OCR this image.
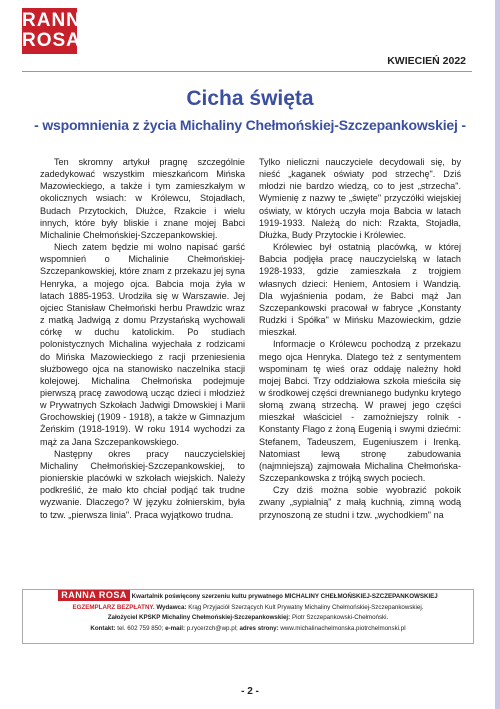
RANNA
ROSA
KWIECIEŃ 2022
Cicha święta
- wspomnienia z życia Michaliny Chełmońskiej-Szczepankowskiej -

Ten skromny artykuł pragnę szczególnie zadedykować wszystkim mieszkańcom Mińska Mazowieckiego, a także i tym zamieszkałym w okolicznych wsiach: w Królewcu, Stojadłach, Budach Przytockich, Dłużce, Rzakcie i wielu innych, które były bliskie i znane mojej Babci Michalinie Chełmońskiej-Szczepankowskiej.

Niech zatem będzie mi wolno napisać garść wspomnień o Michalinie Chełmońskiej-Szczepankowskiej, które znam z przekazu jej syna Henryka, a mojego ojca. Babcia moja żyła w latach 1885-1953. Urodziła się w Warszawie. Jej ojciec Stanisław Chełmoński herbu Prawdzic wraz z matką Jadwigą z domu Przystańską wychowali córkę w duchu katolickim. Po studiach polonistycznych Michalina wyjechała z rodzicami do Mińska Mazowieckiego z racji przeniesienia służbowego ojca na stanowisko naczelnika stacji kolejowej. Michalina Chełmońska podejmuje pierwszą pracę zawodową ucząc dzieci i młodzież w Prywatnych Szkołach Jadwigi Dmowskiej i Marii Grochowskiej (1909 - 1918), a także w Gimnazjum Żeńskim (1918-1919). W roku 1914 wychodzi za mąż za Jana Szczepankowskiego.

Następny okres pracy nauczycielskiej Michaliny Chełmońskiej-Szczepankowskiej, to pionierskie placówki w szkołach wiejskich. Należy podkreślić, że mało kto chciał podjąć tak trudne wyzwanie. Dlaczego? W języku żołnierskim, była to tzw. „pierwsza linia". Praca wyjątkowo trudna.

Tylko nieliczni nauczyciele decydowali się, by nieść „kaganek oświaty pod strzechę". Dziś młodzi nie bardzo wiedzą, co to jest „strzecha". Wymienię z nazwy te „święte" przyczółki wiejskiej oświaty, w których uczyła moja Babcia w latach 1919-1933. Należą do nich: Rzakta, Stojadła, Dłużka, Budy Przytockie i Królewiec.

Królewiec był ostatnią placówką, w której Babcia podjęła pracę nauczycielską w latach 1928-1933, gdzie zamieszkała z trojgiem własnych dzieci: Heniem, Antosiem i Wandzią. Dla wyjaśnienia podam, że Babci mąż Jan Szczepankowski pracował w fabryce „Konstanty Rudzki i Spółka" w Mińsku Mazowieckim, gdzie mieszkał.

Informacje o Królewcu pochodzą z przekazu mego ojca Henryka. Dlatego też z sentymentem wspominam tę wieś oraz oddaję należny hołd mojej Babci. Trzy oddziałowa szkoła mieściła się w środkowej części drewnianego budynku krytego słomą zwaną strzechą. W prawej jego części mieszkał właściciel - zamożniejszy rolnik - Konstanty Flago z żoną Eugenią i swymi dziećmi: Stefanem, Tadeuszem, Eugeniuszem i Irenką. Natomiast lewą stronę zabudowania (najmniejszą) zajmowała Michalina Chełmońska-Szczepankowska z trójką swych pociech.

Czy dziś można sobie wyobrazić pokoik zwany „sypialnią" z małą kuchnią, zimną wodą przynoszoną ze studni i tzw. „wychodkiem" na

RANNA ROSA Kwartalnik poświęcony szerzeniu kultu prywatnego MICHALINY CHEŁMOŃSKIEJ-SZCZEPANKOWSKIEJ
EGZEMPLARZ BEZPŁATNY. Wydawca: Krąg Przyjaciół Szerzących Kult Prywatny Michaliny Chełmońskiej-Szczepankowskiej.
Założyciel KPSKP Michaliny Chełmońskiej-Szczepankowskiej: Piotr Szczepankowski-Chełmoński.
Kontakt: tel. 602 759 850; e-mail: p.rycerzch@wp.pl; adres strony: www.michalinachelmonska.piotrchelmonski.pl
- 2 -
